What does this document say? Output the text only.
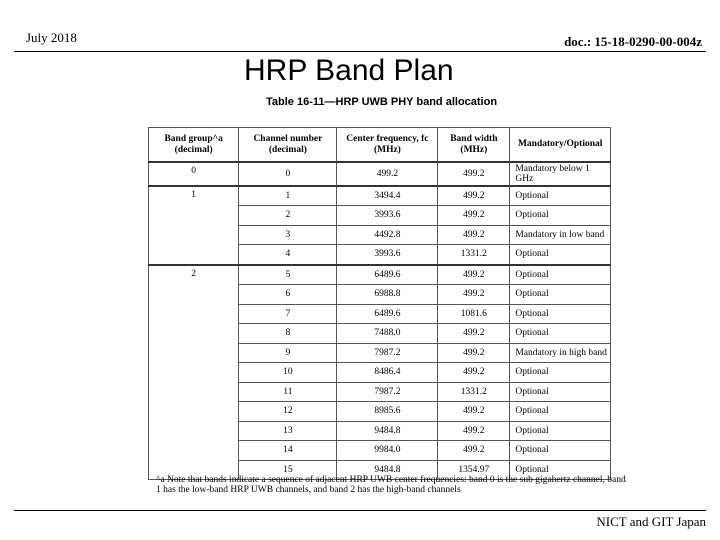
July 2018	doc.: 15-18-0290-00-004z
HRP Band Plan
Table 16-11—HRP UWB PHY band allocation
Band group^a (decimal)	Channel number (decimal)	Center frequency, fc (MHz)	Band width (MHz)	Mandatory/Optional
0	0	499.2	499.2	Mandatory below 1 GHz
1	1	3494.4	499.2	Optional
	2	3993.6	499.2	Optional
	3	4492.8	499.2	Mandatory in low band
	4	3993.6	1331.2	Optional
2	5	6489.6	499.2	Optional
	6	6988.8	499.2	Optional
	7	6489.6	1081.6	Optional
	8	7488.0	499.2	Optional
	9	7987.2	499.2	Mandatory in high band
	10	8486.4	499.2	Optional
	11	7987.2	1331.2	Optional
	12	8985.6	499.2	Optional
	13	9484.8	499.2	Optional
	14	9984.0	499.2	Optional
	15	9484.8	1354.97	Optional
^a Note that bands indicate a sequence of adjacent HRP UWB center frequencies: band 0 is the sub gigahertz channel, band 1 has the low-band HRP UWB channels, and band 2 has the high-band channels
NICT and GIT Japan
